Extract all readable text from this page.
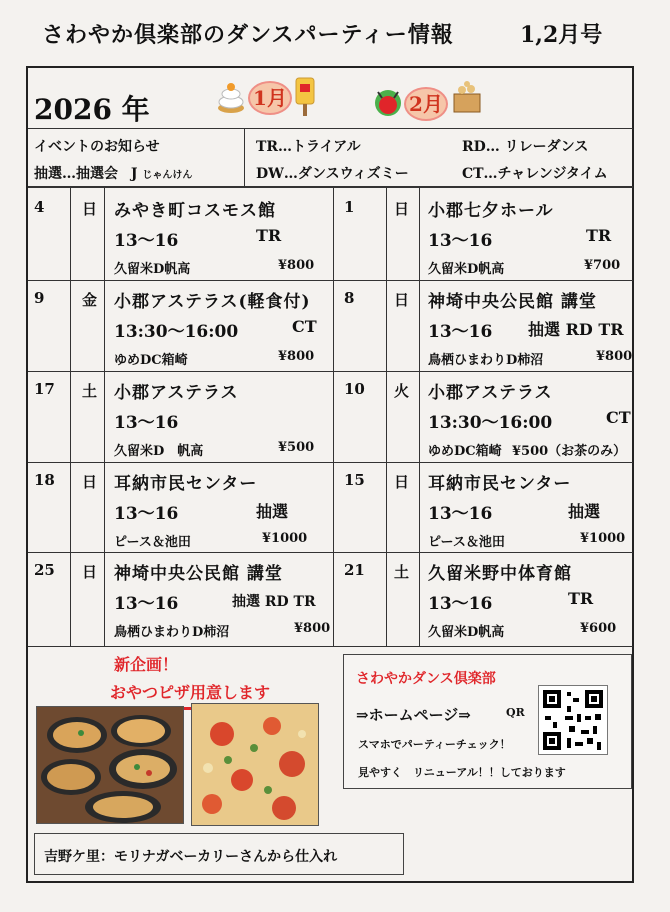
さわやか倶楽部のダンスパーティー情報	1,2月号
2026 年	1月	2月
イベントのお知らせ
抽選…抽選会 J じゃんけん
TR…トライアル	RD… リレーダンス
DW…ダンスウィズミー	CT…チャレンジタイム
4	日 みやき町コスモス館
13～16	TR
久留米D帆高	¥800
9	金 小郡アステラス(軽食付)
13:30～16:00	CT
ゆめDC箱崎	¥800
17 土 小郡アステラス
13～16
久留米D　帆高	¥500
18 日 耳納市民センター
13～16	抽選
ピース＆池田	¥1000
25 日 神埼中央公民館 講堂
13～16	抽選 RD TR
鳥栖ひまわりD柿沼	¥800
1	日 小郡七夕ホール
13～16	TR
久留米D帆高	¥700
8	日 神埼中央公民館 講堂
13～16 抽選 RD TR
鳥栖ひまわりD柿沼	¥800
10 火 小郡アステラス
13:30～16:00	CT
ゆめDC箱崎 ¥500（お茶のみ）
15 日 耳納市民センター
13～16	抽選
ピース＆池田	¥1000
21 土 久留米野中体育館
13～16	TR
久留米D帆高	¥600
新企画！
おやつピザ用意します
さわやかダンス倶楽部
⇒ホームページ⇒	QR
スマホでパーティーチェック！
見やすく　リニューアル！！しております
吉野ケ里：モリナガベーカリーさんから仕入れ
